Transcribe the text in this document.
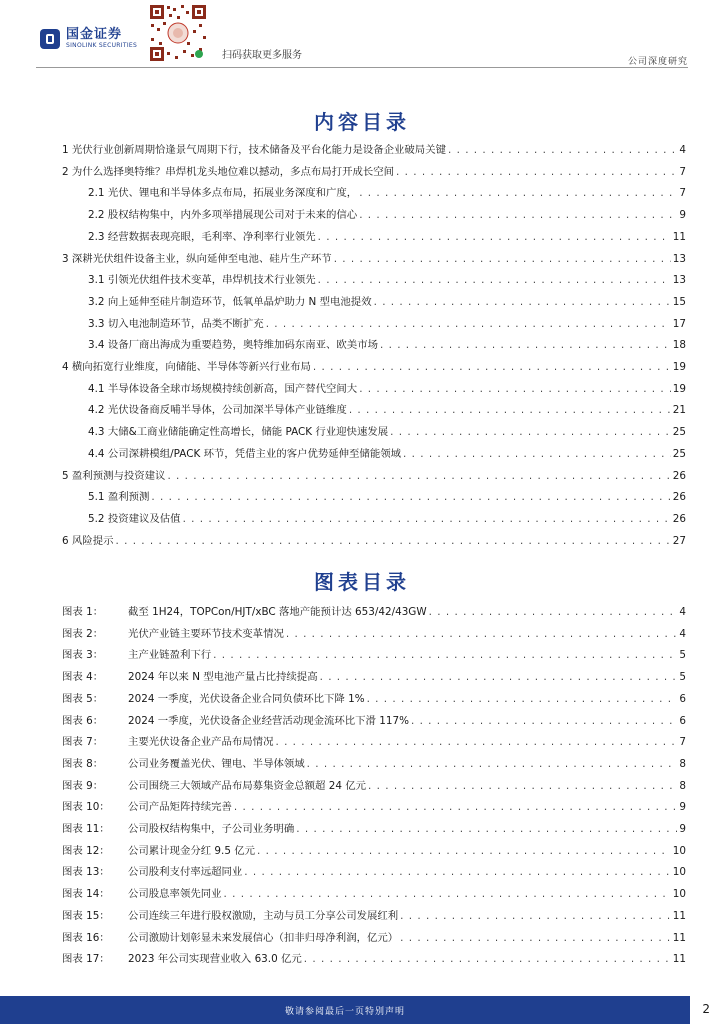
国金证券
SINOLINK SECURITIES
扫码获取更多服务
公司深度研究
内容目录
1 光伏行业创新周期恰逢景气周期下行，技术储备及平台化能力是设备企业破局关键 . . .	4
2 为什么选择奥特维？串焊机龙头地位难以撼动，多点布局打开成长空间 . . .	7
2.1 光伏、锂电和半导体多点布局，拓展业务深度和广度， . . .	7
2.2 股权结构集中，内外多项举措展现公司对于未来的信心 . . .	9
2.3 经营数据表现亮眼，毛利率、净利率行业领先 . . .	11
3 深耕光伏组件设备主业，纵向延伸至电池、硅片生产环节 . . .	13
3.1 引领光伏组件技术变革，串焊机技术行业领先 . . .	13
3.2 向上延伸至硅片制造环节，低氧单晶炉助力 N 型电池提效 . . .	15
3.3 切入电池制造环节，品类不断扩充 . . .	17
3.4 设备厂商出海成为重要趋势，奥特维加码东南亚、欧美市场 . . .	18
4 横向拓宽行业维度，向储能、半导体等新兴行业布局 . . .	19
4.1 半导体设备全球市场规模持续创新高，国产替代空间大 . . .	19
4.2 光伏设备商反哺半导体，公司加深半导体产业链维度 . . .	21
4.3 大储&工商业储能确定性高增长，储能 PACK 行业迎快速发展 . . .	25
4.4 公司深耕模组/PACK 环节，凭借主业的客户优势延伸至储能领域 . . .	25
5 盈利预测与投资建议 . . .	26
5.1 盈利预测 . . .	26
5.2 投资建议及估值 . . .	26
6 风险提示 . . .	27
图表目录
图表 1：	截至 1H24，TOPCon/HJT/xBC 落地产能预计达 653/42/43GW . . .	4
图表 2：	光伏产业链主要环节技术变革情况 . . .	4
图表 3：	主产业链盈利下行 . . .	5
图表 4：	2024 年以来 N 型电池产量占比持续提高 . . .	5
图表 5：	2024 一季度，光伏设备企业合同负债环比下降 1% . . .	6
图表 6：	2024 一季度，光伏设备企业经营活动现金流环比下滑 117% . . .	6
图表 7：	主要光伏设备企业产品布局情况 . . .	7
图表 8：	公司业务覆盖光伏、锂电、半导体领域 . . .	8
图表 9：	公司围绕三大领域产品布局募集资金总额超 24 亿元 . . .	8
图表 10：	公司产品矩阵持续完善 . . .	9
图表 11：	公司股权结构集中，子公司业务明确 . . .	9
图表 12：	公司累计现金分红 9.5 亿元 . . .	10
图表 13：	公司股利支付率远超同业 . . .	10
图表 14：	公司股息率领先同业 . . .	10
图表 15：	公司连续三年进行股权激励，主动与员工分享公司发展红利 . . .	11
图表 16：	公司激励计划彰显未来发展信心（扣非归母净利润，亿元） . . .	11
图表 17：	2023 年公司实现营业收入 63.0 亿元 . . .	11
敬请参阅最后一页特别声明	2
